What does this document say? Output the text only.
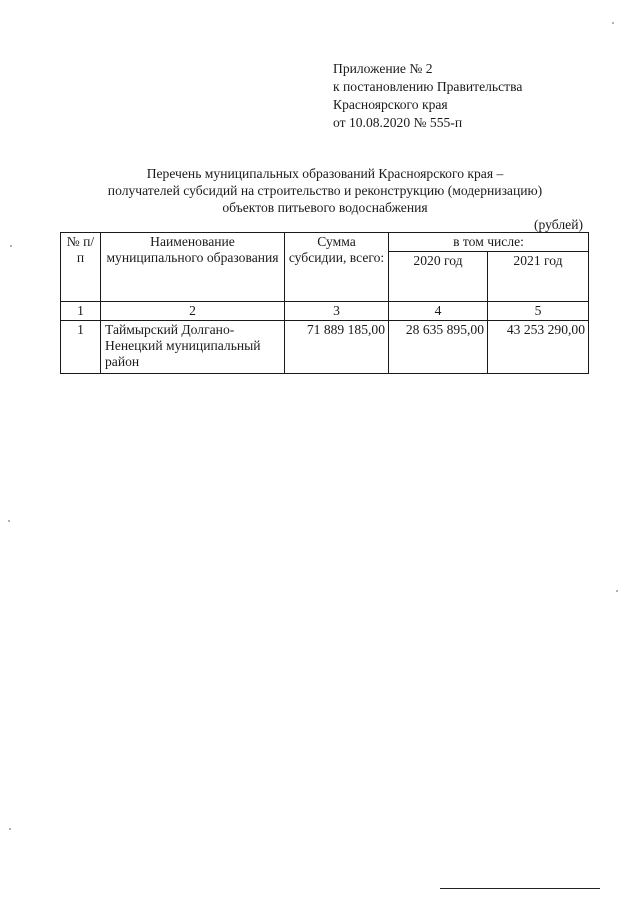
Приложение № 2
к постановлению Правительства
Красноярского края
от 10.08.2020 № 555-п
Перечень муниципальных образований Красноярского края –
получателей субсидий на строительство и реконструкцию (модернизацию)
объектов питьевого водоснабжения
(рублей)
№ п/п	Наименование муниципального образования	Сумма субсидии, всего:	в том числе:	
			2020 год	2021 год
1	2	3	4	5
1	Таймырский Долгано-Ненецкий муниципальный район	71 889 185,00	28 635 895,00	43 253 290,00
